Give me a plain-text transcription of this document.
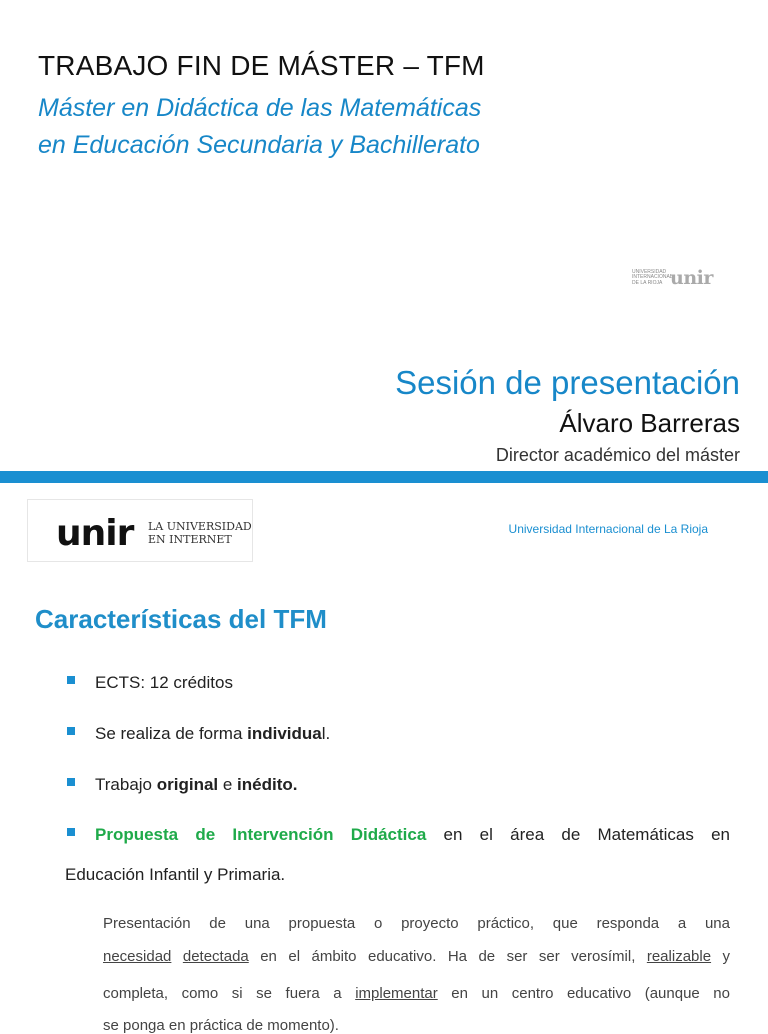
TRABAJO FIN DE MÁSTER – TFM
Máster en Didáctica de las Matemáticas
en Educación Secundaria y Bachillerato
UNIVERSIDAD
INTERNACIONAL
DE LA RIOJA unir
Sesión de presentación
Álvaro Barreras
Director académico del máster
unir LA UNIVERSIDAD
EN INTERNET
Universidad Internacional de La Rioja
Características del TFM
ECTS: 12 créditos
Se realiza de forma individual.
Trabajo original e inédito.
Propuesta de Intervención Didáctica en el área de Matemáticas en
Educación Infantil y Primaria.
Presentación de una propuesta o proyecto práctico, que responda a una
necesidad detectada en el ámbito educativo. Ha de ser ser verosímil, realizable y
completa, como si se fuera a implementar en un centro educativo (aunque no
se ponga en práctica de momento).
